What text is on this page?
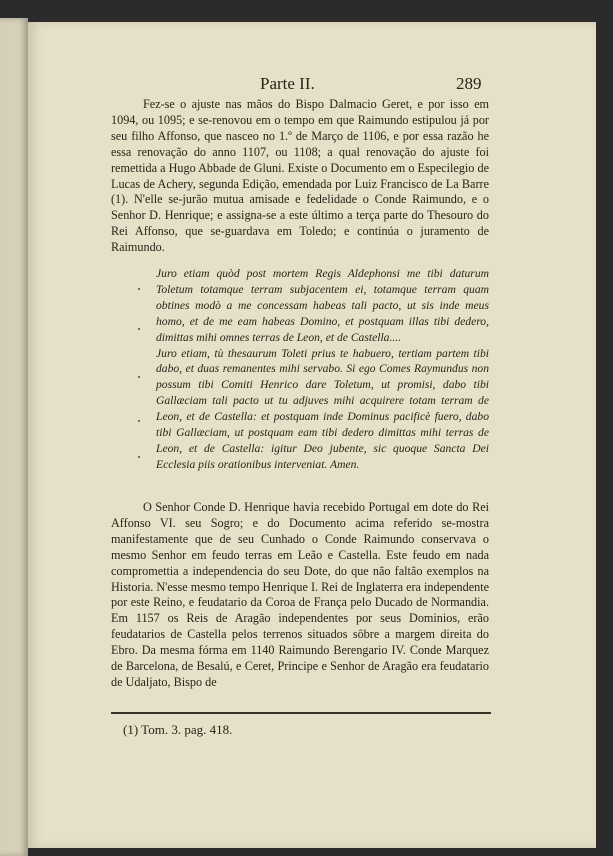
Parte II.	289
Fez-se o ajuste nas mãos do Bispo Dalmacio Geret, e por isso em 1094, ou 1095; e se-renovou em o tempo em que Raimundo estipulou já por seu filho Affonso, que nasceo no 1.º de Março de 1106, e por essa razão he essa renovação do anno 1107, ou 1108; a qual renovação do ajuste foi remettida a Hugo Abbade de Gluni. Existe o Documento em o Especilegio de Lucas de Achery, segunda Edição, emendada por Luiz Francisco de La Barre (1). N'elle se-jurão mutua amisade e fedelidade o Conde Raimundo, e o Senhor D. Henrique; e assigna-se a este último a terça parte do Thesouro do Rei Affonso, que se-guardava em Toledo; e continúa o juramento de Raimundo.

Juro etiam quòd post mortem Regis Aldephonsi me tibi daturum Toletum totamque terram subjacentem ei, totamque terram quam obtines modò a me concessam habeas tali pacto, ut sis inde meus homo, et de me eam habeas Domino, et postquam illas tibi dedero, dimittas mihi omnes terras de Leon, et de Castella....

Juro etiam, tù thesaurum Toleti prius te habuero, tertiam partem tibi dabo, et duas remanentes mihi servabo. Si ego Comes Raymundus non possum tibi Comiti Henrico dare Toletum, ut promisi, dabo tibi Gallæciam tali pacto ut tu adjuves mihi acquirere totam terram de Leon, et de Castella: et postquam inde Dominus pacificè fuero, dabo tibi Gallæciam, ut postquam eam tibi dedero dimittas mihi terras de Leon, et de Castella: igitur Deo jubente, sic quoque Sancta Dei Ecclesia piis orationibus interveniat. Amen.

O Senhor Conde D. Henrique havia recebido Portugal em dote do Rei Affonso VI. seu Sogro; e do Documento acima referido se-mostra manifestamente que de seu Cunhado o Conde Raimundo conservava o mesmo Senhor em feudo terras em Leão e Castella. Este feudo em nada compromettia a independencia do seu Dote, do que não faltão exemplos na Historia. N'esse mesmo tempo Henrique I. Rei de Inglaterra era independente por este Reino, e feudatario da Coroa de França pelo Ducado de Normandia. Em 1157 os Reis de Aragão independentes por seus Dominios, erão feudatarios de Castella pelos terrenos situados sôbre a margem direita do Ebro. Da mesma fórma em 1140 Raimundo Berengario IV. Conde Marquez de Barcelona, de Besalú, e Ceret, Principe e Senhor de Aragão era feudatario de Udaljato, Bispo de
(1) Tom. 3. pag. 418.
